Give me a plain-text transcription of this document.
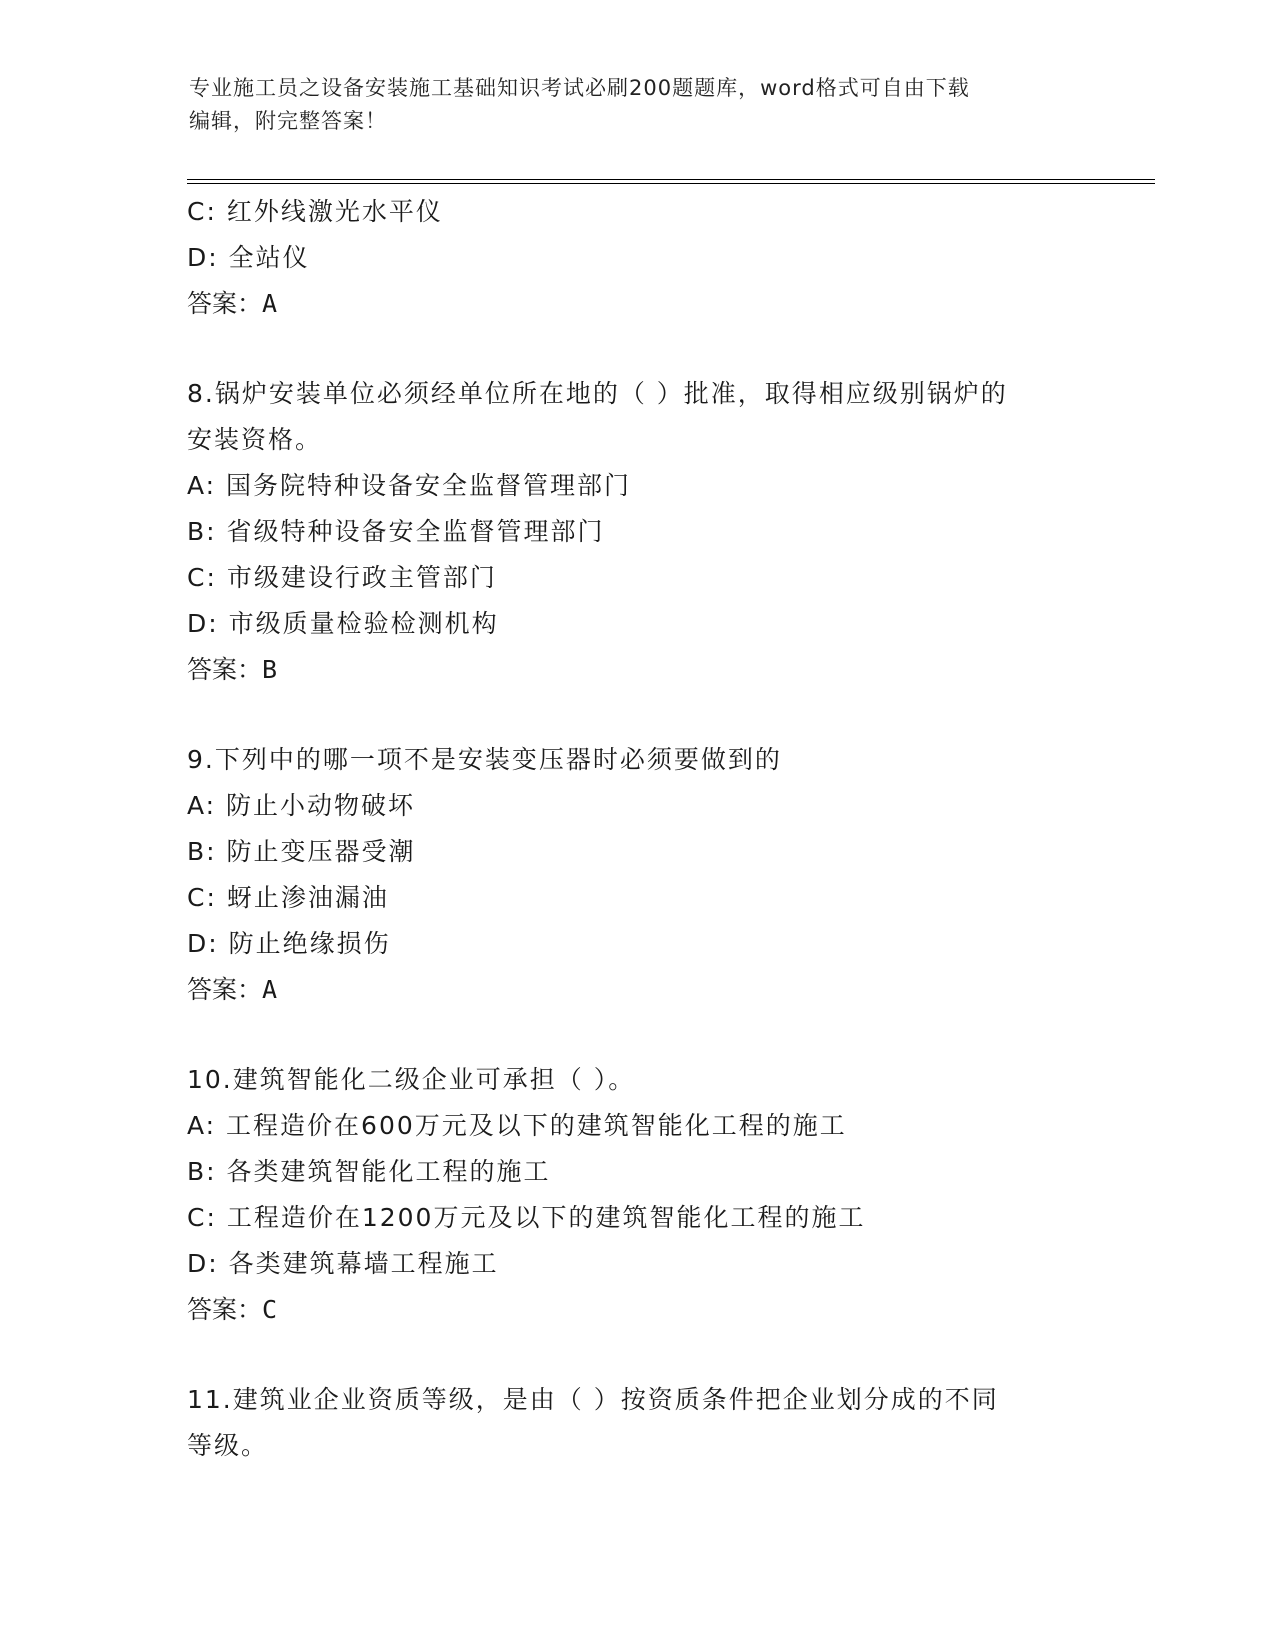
专业施工员之设备安装施工基础知识考试必刷200题题库，word格式可自由下载
编辑，附完整答案！
C: 红外线激光水平仪
D: 全站仪
答案：A
8.锅炉安装单位必须经单位所在地的（ ）批准，取得相应级别锅炉的
安装资格。
A: 国务院特种设备安全监督管理部门
B: 省级特种设备安全监督管理部门
C: 市级建设行政主管部门
D: 市级质量检验检测机构
答案：B
9.下列中的哪一项不是安装变压器时必须要做到的
A: 防止小动物破坏
B: 防止变压器受潮
C: 蚜止渗油漏油
D: 防止绝缘损伤
答案：A
10.建筑智能化二级企业可承担（ ）。
A: 工程造价在600万元及以下的建筑智能化工程的施工
B: 各类建筑智能化工程的施工
C: 工程造价在1200万元及以下的建筑智能化工程的施工
D: 各类建筑幕墙工程施工
答案：C
11.建筑业企业资质等级，是由（ ）按资质条件把企业划分成的不同
等级。
